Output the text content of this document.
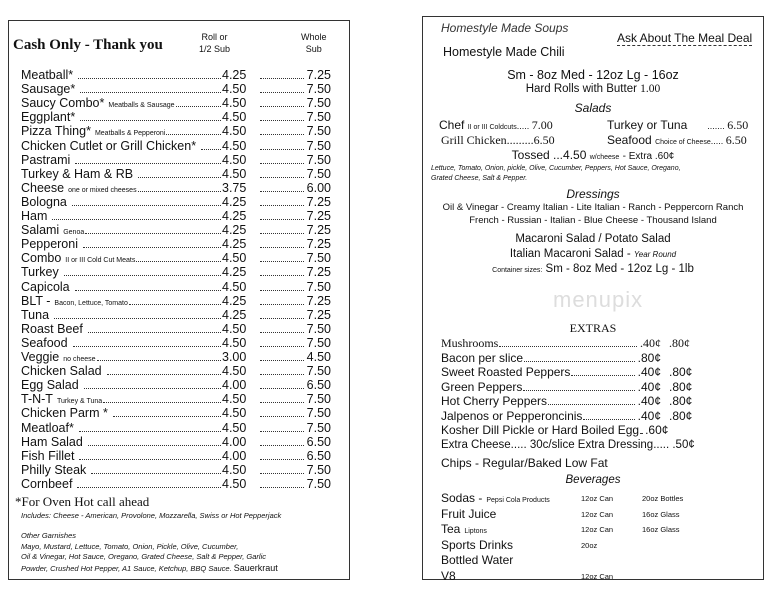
Cash Only - Thank you	Roll or
1/2 Sub
Whole
Sub
Meatball*	4.25	7.25
Sausage*	4.50	7.50
Saucy Combo* Meatballs & Sausage	4.50	7.50
Eggplant*	4.50	7.50
Pizza Thing* Meatballs & Pepperoni	4.50	7.50
Chicken Cutlet or Grill Chicken* 4.50	7.50
Pastrami	4.50	7.50
Turkey & Ham & RB	4.50	7.50
Cheese one or mixed cheeses	3.75	6.00
Bologna	4.25	7.25
Ham	4.25	7.25
Salami Genoa	4.25	7.25
Pepperoni	4.25	7.25
Combo II or III Cold Cut Meats	4.50	7.50
Turkey	4.25	7.25
Capicola	4.50	7.50
BLT - Bacon, Lettuce, Tomato	4.25	7.25
Tuna	4.25	7.25
Roast Beef	4.50	7.50
Seafood	4.50	7.50
Veggie no cheese	3.00	4.50
Chicken Salad	4.50	7.50
Egg Salad	4.00	6.50
T-N-T Turkey & Tuna	4.50	7.50
Chicken Parm *	4.50	7.50
Meatloaf*	4.50	7.50
Ham Salad	4.00	6.50
Fish Fillet	4.00	6.50
Philly Steak	4.50	7.50
Cornbeef	4.50	7.50
*For Oven Hot call ahead
Includes: Cheese - American, Provolone, Mozzarella, Swiss or Hot Pepperjack
Other Garnishes
Mayo, Mustard, Lettuce, Tomato, Onion, Pickle, Olive, Cucumber,
Oil & Vinegar, Hot Sauce, Oregano, Grated Cheese, Salt & Pepper, Garlic
Powder, Crushed Hot Pepper, A1 Sauce, Ketchup, BBQ Sauce. Sauerkraut
Homestyle Made Soups
Ask About The Meal Deal
Homestyle Made Chili
Sm - 8oz Med - 12oz Lg - 16oz
Hard Rolls with Butter 1.00
Salads
Chef II or III Coldcuts..... 7.00	Turkey or Tuna ....... 6.50
Grill Chicken.........6.50	Seafood Choice of Cheese..... 6.50
Tossed ...4.50 w/cheese - Extra .60¢
Lettuce, Tomato, Onion, pickle, Olive, Cucumber, Peppers, Hot Sauce, Oregano,
Grated Cheese, Salt & Pepper.
Dressings
Oil & Vinegar - Creamy Italian - Lite Italian - Ranch - Peppercorn Ranch
French - Russian - Italian - Blue Cheese - Thousand Island
Macaroni Salad / Potato Salad
Italian Macaroni Salad - Year Round
Container sizes: Sm - 8oz Med - 12oz Lg - 1lb
menupix
EXTRAS
Mushrooms	.40¢ .80¢
Bacon per slice	.80¢
Sweet Roasted Peppers	.40¢ .80¢
Green Peppers	.40¢ .80¢
Hot Cherry Peppers	.40¢ .80¢
Jalpenos or Pepperoncinis	.40¢ .80¢
Kosher Dill Pickle or Hard Boiled Egg .60¢
Extra Cheese..... 30c/slice Extra Dressing..... .50¢
Chips - Regular/Baked Low Fat
Beverages
Sodas - Pepsi Cola Products	12oz Can	20oz Bottles
Fruit Juice	12oz Can	16oz Glass
Tea Liptons	12oz Can	16oz Glass
Sports Drinks	20oz
Bottled Water
V8	12oz Can
